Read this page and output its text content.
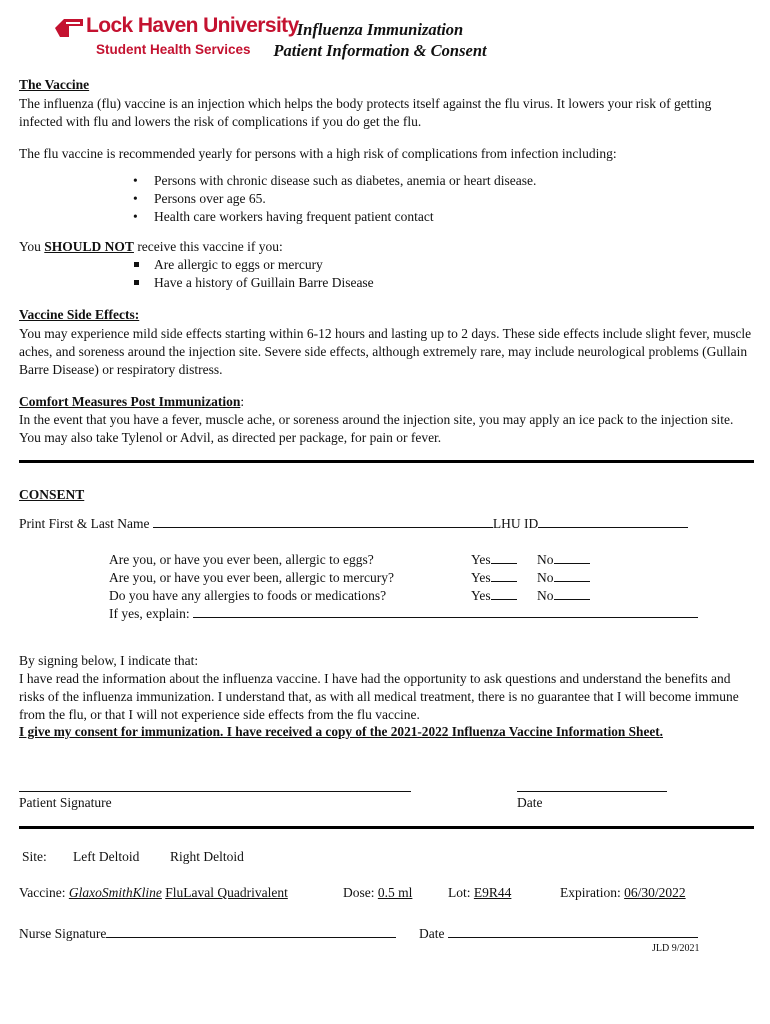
Lock Haven University
Student Health Services
Influenza Immunization
Patient Information & Consent
The Vaccine
The influenza (flu) vaccine is an injection which helps the body protects itself against the flu virus. It lowers your risk of getting infected with flu and lowers the risk of complications if you do get the flu.
The flu vaccine is recommended yearly for persons with a high risk of complications from infection including:
• Persons with chronic disease such as diabetes, anemia or heart disease.
• Persons over age 65.
• Health care workers having frequent patient contact
You SHOULD NOT receive this vaccine if you:
Are allergic to eggs or mercury
Have a history of Guillain Barre Disease
Vaccine Side Effects:
You may experience mild side effects starting within 6-12 hours and lasting up to 2 days. These side effects include slight fever, muscle aches, and soreness around the injection site. Severe side effects, although extremely rare, may include neurological problems (Gullain Barre Disease) or respiratory distress.
Comfort Measures Post Immunization:
In the event that you have a fever, muscle ache, or soreness around the injection site, you may apply an ice pack to the injection site. You may also take Tylenol or Advil, as directed per package, for pain or fever.
CONSENT
Print First & Last Name	LHU ID
Are you, or have you ever been, allergic to eggs?	Yes	No
Are you, or have you ever been, allergic to mercury?	Yes	No
Do you have any allergies to foods or medications?	Yes	No
If yes, explain:
By signing below, I indicate that:
I have read the information about the influenza vaccine. I have had the opportunity to ask questions and understand the benefits and risks of the influenza immunization. I understand that, as with all medical treatment, there is no guarantee that I will become immune from the flu, or that I will not experience side effects from the flu vaccine.
I give my consent for immunization. I have received a copy of the 2021-2022 Influenza Vaccine Information Sheet.
Patient Signature	Date
Site: Left Deltoid Right Deltoid
Vaccine: GlaxoSmithKline FluLaval Quadrivalent	Dose: 0.5 ml	Lot: E9R44	Expiration: 06/30/2022
Nurse Signature	Date
JLD 9/2021
